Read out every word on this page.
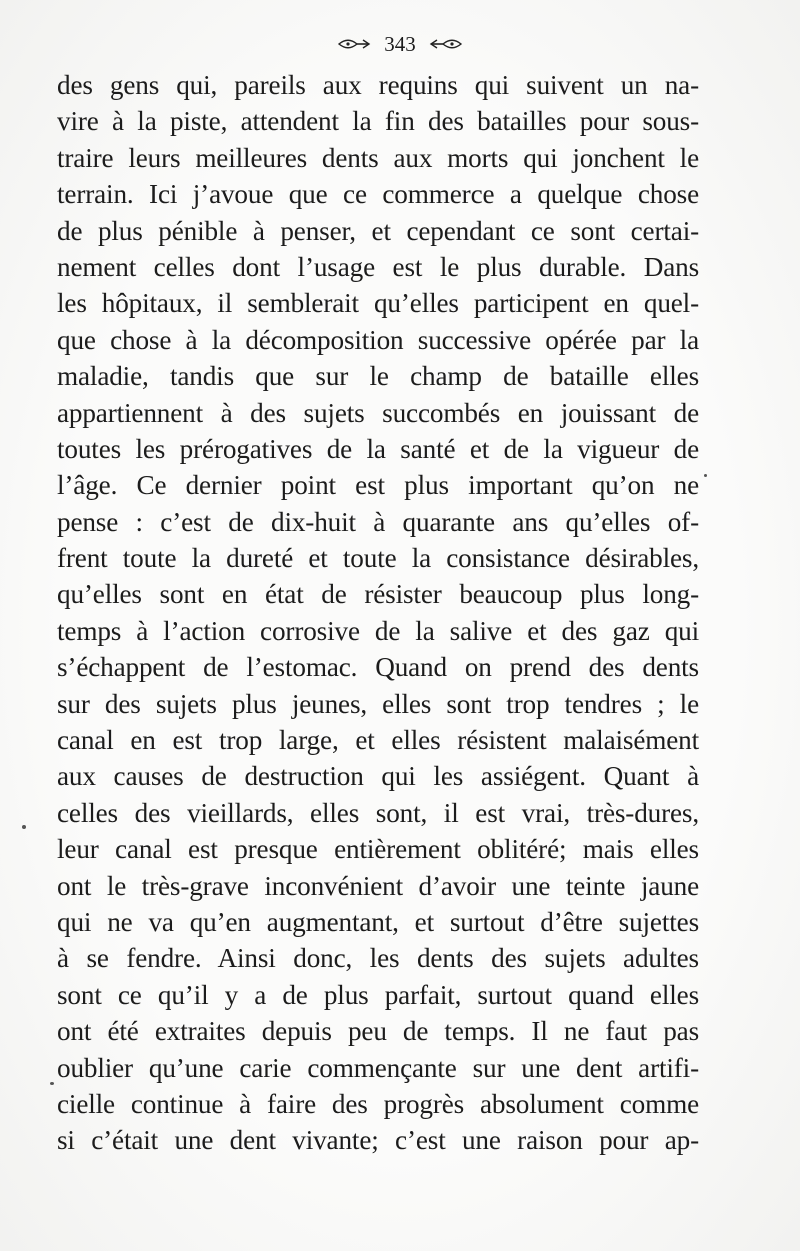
343
des gens qui, pareils aux requins qui suivent un na-
vire à la piste, attendent la fin des batailles pour sous-
traire leurs meilleures dents aux morts qui jonchent le
terrain. Ici j’avoue que ce commerce a quelque chose
de plus pénible à penser, et cependant ce sont certai-
nement celles dont l’usage est le plus durable. Dans
les hôpitaux, il semblerait qu’elles participent en quel-
que chose à la décomposition successive opérée par la
maladie, tandis que sur le champ de bataille elles
appartiennent à des sujets succombés en jouissant de
toutes les prérogatives de la santé et de la vigueur de
l’âge. Ce dernier point est plus important qu’on ne
pense : c’est de dix-huit à quarante ans qu’elles of-
frent toute la dureté et toute la consistance désirables,
qu’elles sont en état de résister beaucoup plus long-
temps à l’action corrosive de la salive et des gaz qui
s’échappent de l’estomac. Quand on prend des dents
sur des sujets plus jeunes, elles sont trop tendres ; le
canal en est trop large, et elles résistent malaisément
aux causes de destruction qui les assiégent. Quant à
celles des vieillards, elles sont, il est vrai, très-dures,
leur canal est presque entièrement oblitéré; mais elles
ont le très-grave inconvénient d’avoir une teinte jaune
qui ne va qu’en augmentant, et surtout d’être sujettes
à se fendre. Ainsi donc, les dents des sujets adultes
sont ce qu’il y a de plus parfait, surtout quand elles
ont été extraites depuis peu de temps. Il ne faut pas
oublier qu’une carie commençante sur une dent artifi-
cielle continue à faire des progrès absolument comme
si c’était une dent vivante; c’est une raison pour ap-
